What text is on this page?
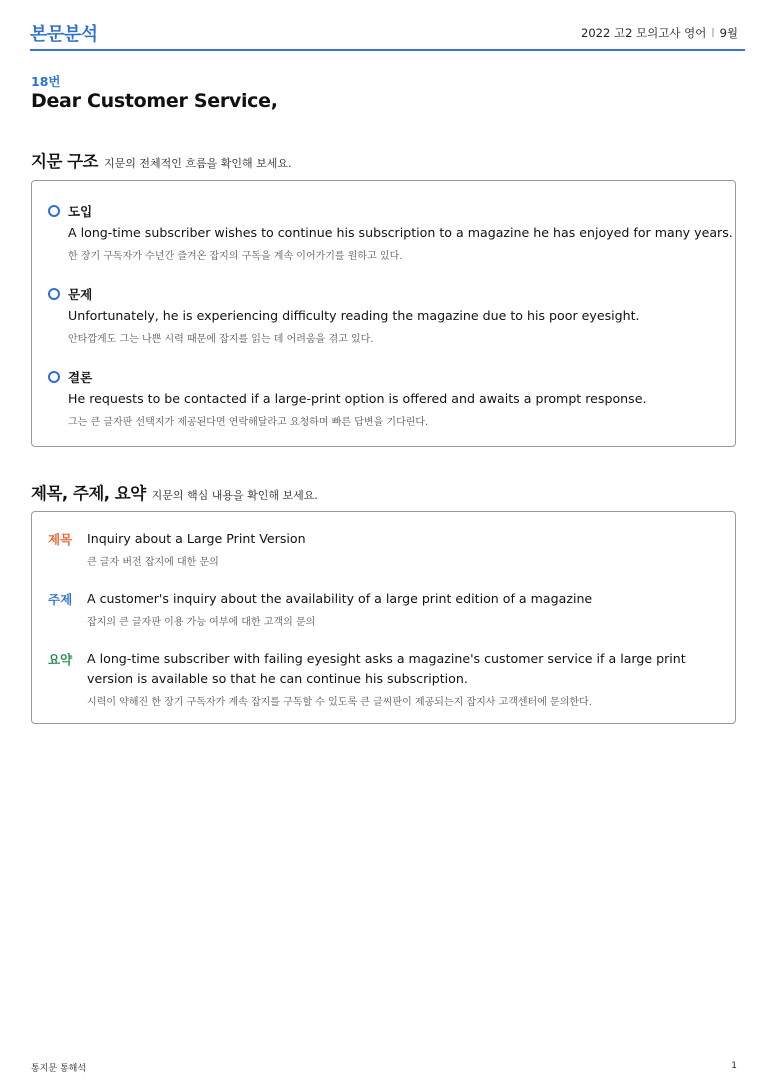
본문분석	2022 고2 모의고사 영어 l 9월
18번
Dear Customer Service,
지문 구조 지문의 전체적인 흐름을 확인해 보세요.
도입
A long-time subscriber wishes to continue his subscription to a magazine he has enjoyed for many years.
한 장기 구독자가 수년간 즐겨온 잡지의 구독을 계속 이어가기를 원하고 있다.
문제
Unfortunately, he is experiencing difficulty reading the magazine due to his poor eyesight.
안타깝게도 그는 나쁜 시력 때문에 잡지를 읽는 데 어려움을 겪고 있다.
결론
He requests to be contacted if a large-print option is offered and awaits a prompt response.
그는 큰 글자판 선택지가 제공된다면 연락해달라고 요청하며 빠른 답변을 기다린다.
제목, 주제, 요약 지문의 핵심 내용을 확인해 보세요.
제목 Inquiry about a Large Print Version
큰 글자 버전 잡지에 대한 문의
주제 A customer's inquiry about the availability of a large print edition of a magazine
잡지의 큰 글자판 이용 가능 여부에 대한 고객의 문의
요약 A long-time subscriber with failing eyesight asks a magazine's customer service if a large print version is available so that he can continue his subscription.
시력이 약해진 한 장기 구독자가 계속 잡지를 구독할 수 있도록 큰 글씨판이 제공되는지 잡지사 고객센터에 문의한다.
통지문 통해석	1
